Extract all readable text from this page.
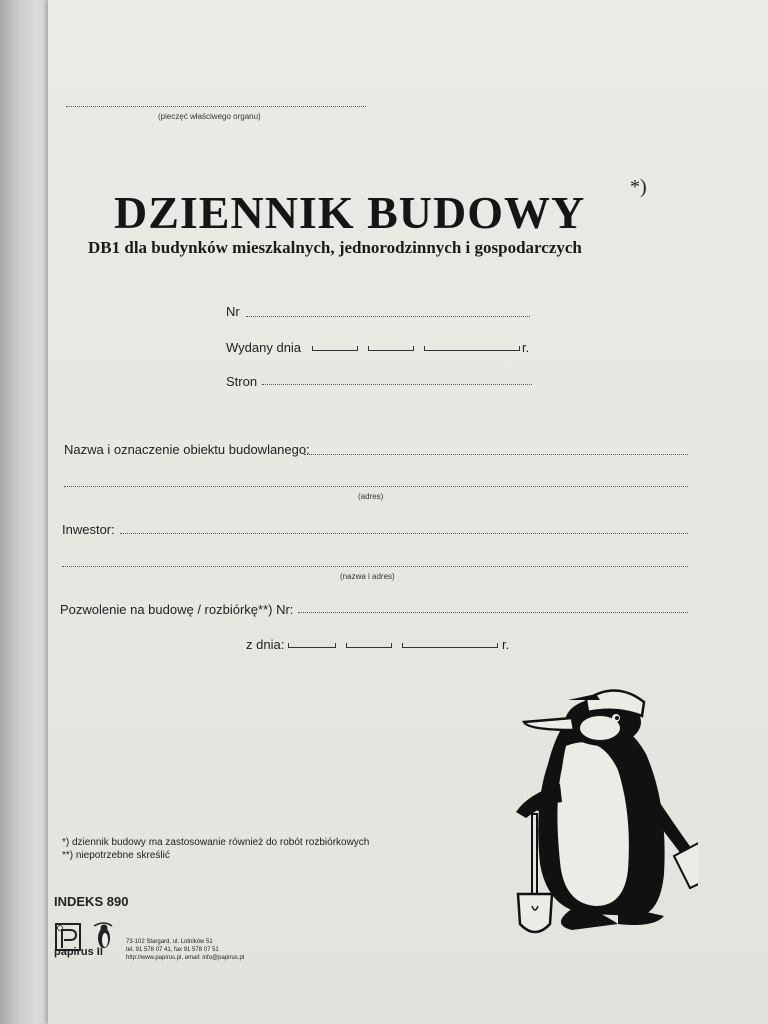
(pieczęć właściwego organu)
DZIENNIK BUDOWY *)
DB1 dla budynków mieszkalnych, jednorodzinnych i gospodarczych
Nr
Wydany dnia	r.
Stron
Nazwa i oznaczenie obiektu budowlanego:
(adres)
Inwestor:
(nazwa i adres)
Pozwolenie na budowę / rozbiórkę**) Nr:
z dnia:	r.
*) dziennik budowy ma zastosowanie również do robót rozbiórkowych
**) niepotrzebne skreślić
INDEKS 890
papirus II
73-102 Stargard, ul. Lotników 51
tel. 91 578 07 41, fax 91 578 07 51
http://www.papirus.pl, email: info@papirus.pl
